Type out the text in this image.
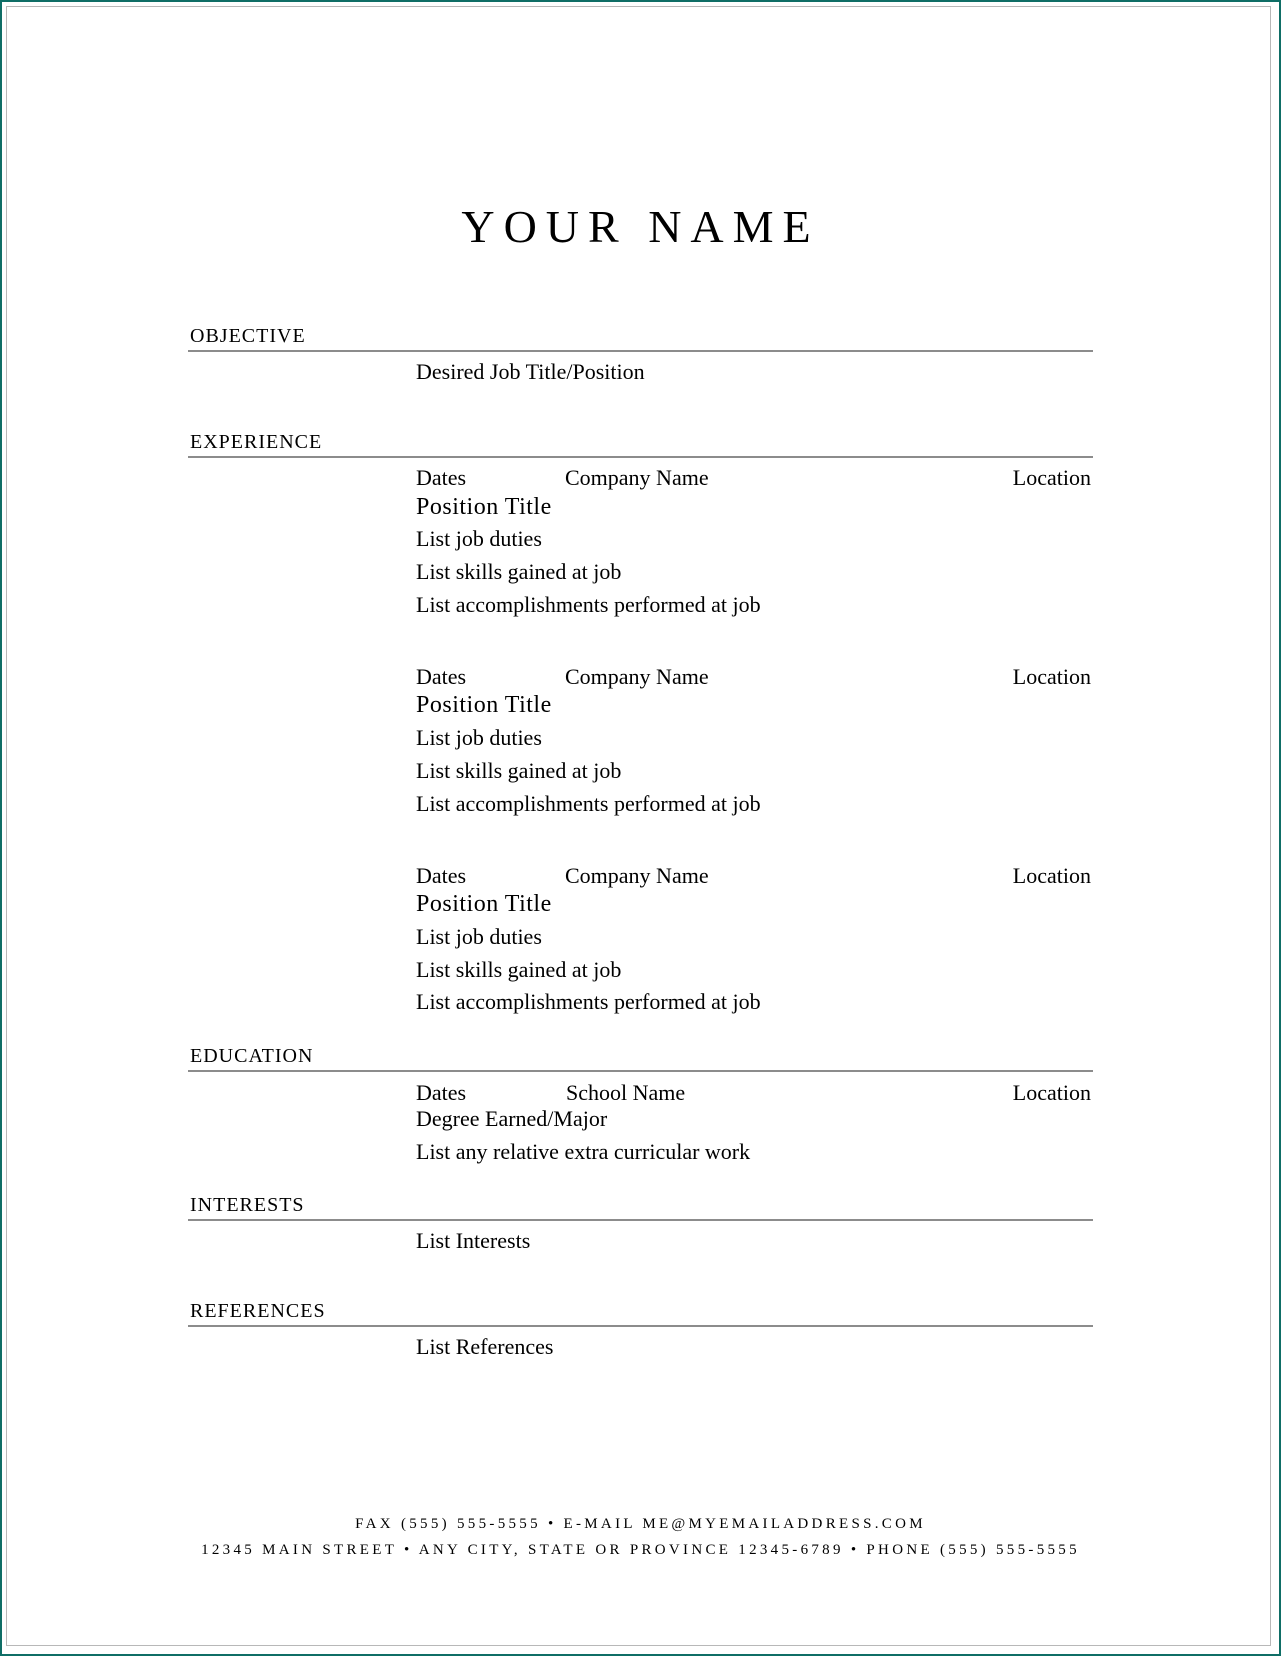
YOUR NAME
OBJECTIVE
Desired Job Title/Position
EXPERIENCE
Dates	Company Name	Location
Position Title
List job duties
List skills gained at job
List accomplishments performed at job
Dates	Company Name	Location
Position Title
List job duties
List skills gained at job
List accomplishments performed at job
Dates	Company Name	Location
Position Title
List job duties
List skills gained at job
List accomplishments performed at job
EDUCATION
Dates	School Name	Location
Degree Earned/Major
List any relative extra curricular work
INTERESTS
List Interests
REFERENCES
List References
FAX (555) 555-5555 • E-MAIL ME@MYEMAILADDRESS.COM
12345 MAIN STREET • ANY CITY, STATE OR PROVINCE 12345-6789 • PHONE (555) 555-5555
